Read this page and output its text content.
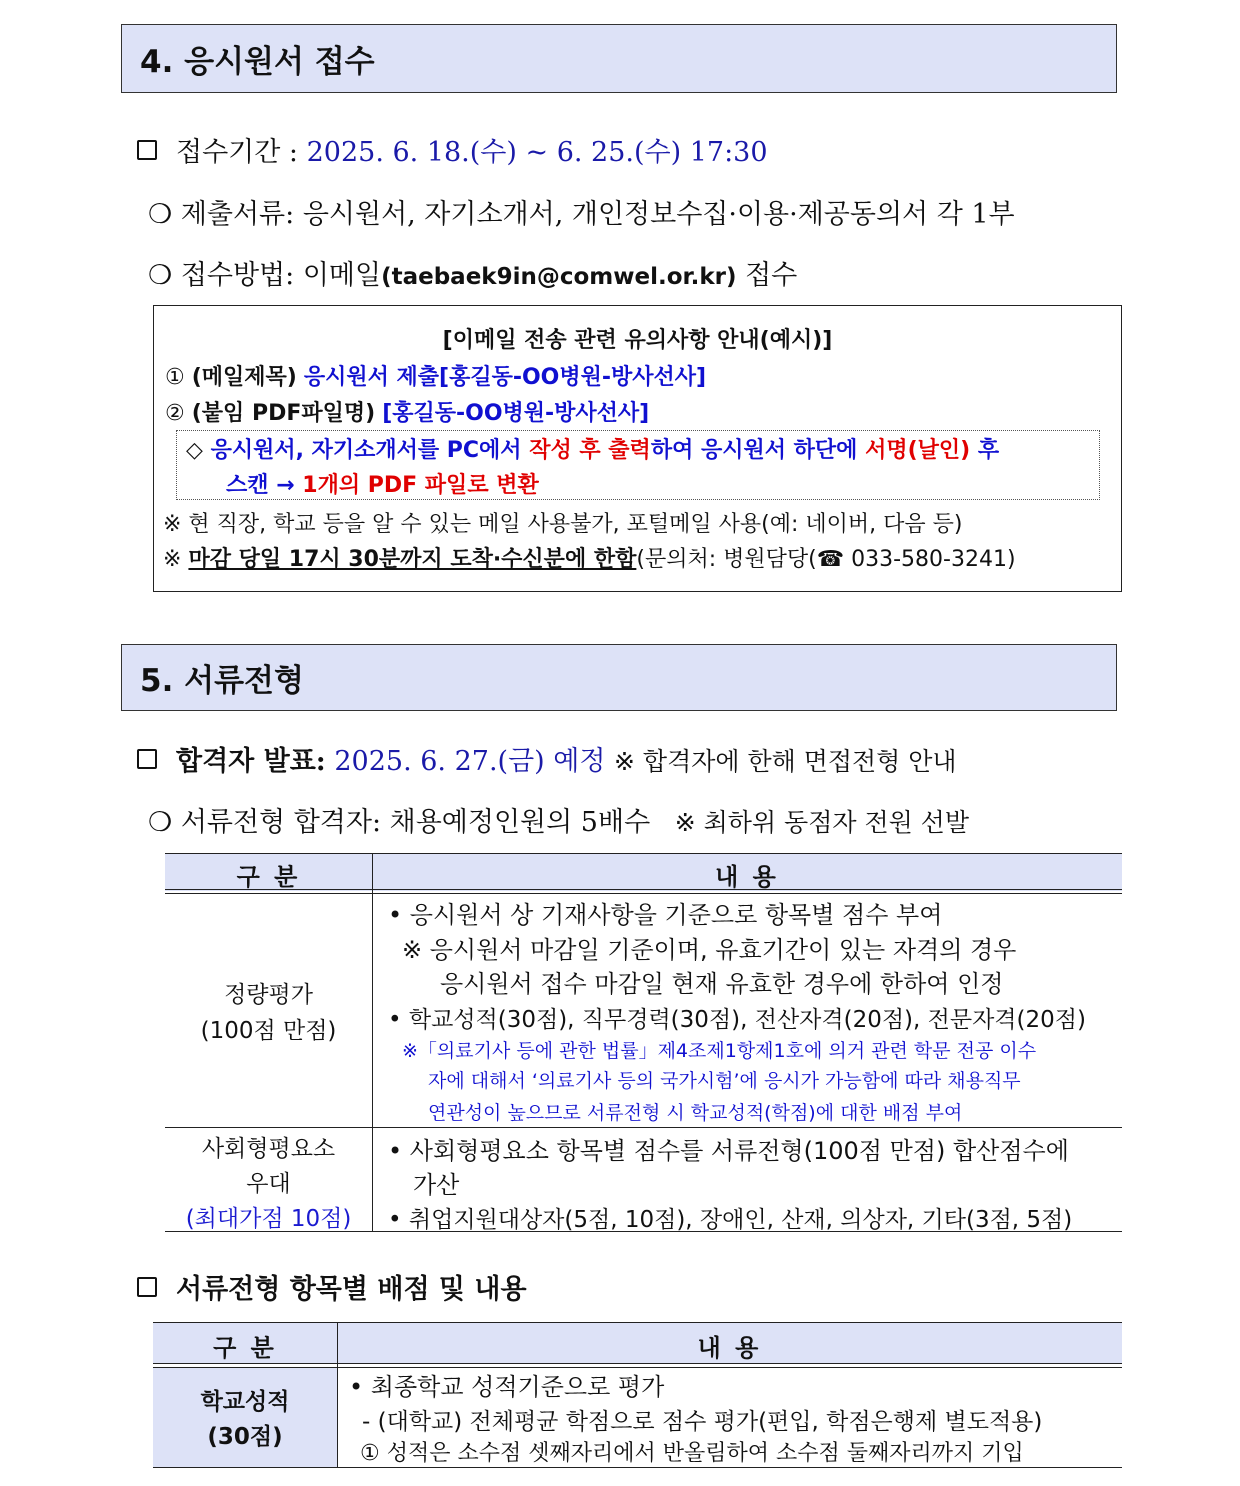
4. 응시원서 접수
접수기간 : 2025. 6. 18.(수) ~ 6. 25.(수) 17:30
❍ 제출서류: 응시원서, 자기소개서, 개인정보수집·이용·제공동의서 각 1부
❍ 접수방법: 이메일(taebaek9in@comwel.or.kr) 접수
[이메일 전송 관련 유의사항 안내(예시)]
① (메일제목) 응시원서 제출[홍길동-OO병원-방사선사]
② (붙임 PDF파일명) [홍길동-OO병원-방사선사]
◇ 응시원서, 자기소개서를 PC에서 작성 후 출력하여 응시원서 하단에 서명(날인) 후
스캔 → 1개의 PDF 파일로 변환
※ 현 직장, 학교 등을 알 수 있는 메일 사용불가, 포털메일 사용(예: 네이버, 다음 등)
※ 마감 당일 17시 30분까지 도착·수신분에 한함(문의처: 병원담당(☎ 033-580-3241)
5. 서류전형
합격자 발표: 2025. 6. 27.(금) 예정 ※ 합격자에 한해 면접전형 안내
❍ 서류전형 합격자: 채용예정인원의 5배수 ※ 최하위 동점자 전원 선발
구 분	내 용
정량평가
(100점 만점)
• 응시원서 상 기재사항을 기준으로 항목별 점수 부여
※ 응시원서 마감일 기준이며, 유효기간이 있는 자격의 경우
응시원서 접수 마감일 현재 유효한 경우에 한하여 인정
• 학교성적(30점), 직무경력(30점), 전산자격(20점), 전문자격(20점)
※「의료기사 등에 관한 법률」제4조제1항제1호에 의거 관련 학문 전공 이수
자에 대해서 ‘의료기사 등의 국가시험’에 응시가 가능함에 따라 채용직무
연관성이 높으므로 서류전형 시 학교성적(학점)에 대한 배점 부여
사회형평요소
우대
(최대가점 10점)
• 사회형평요소 항목별 점수를 서류전형(100점 만점) 합산점수에
가산
• 취업지원대상자(5점, 10점), 장애인, 산재, 의상자, 기타(3점, 5점)
서류전형 항목별 배점 및 내용
구 분	내 용
학교성적
(30점)
• 최종학교 성적기준으로 평가
- (대학교) 전체평균 학점으로 점수 평가(편입, 학점은행제 별도적용)
① 성적은 소수점 셋째자리에서 반올림하여 소수점 둘째자리까지 기입
